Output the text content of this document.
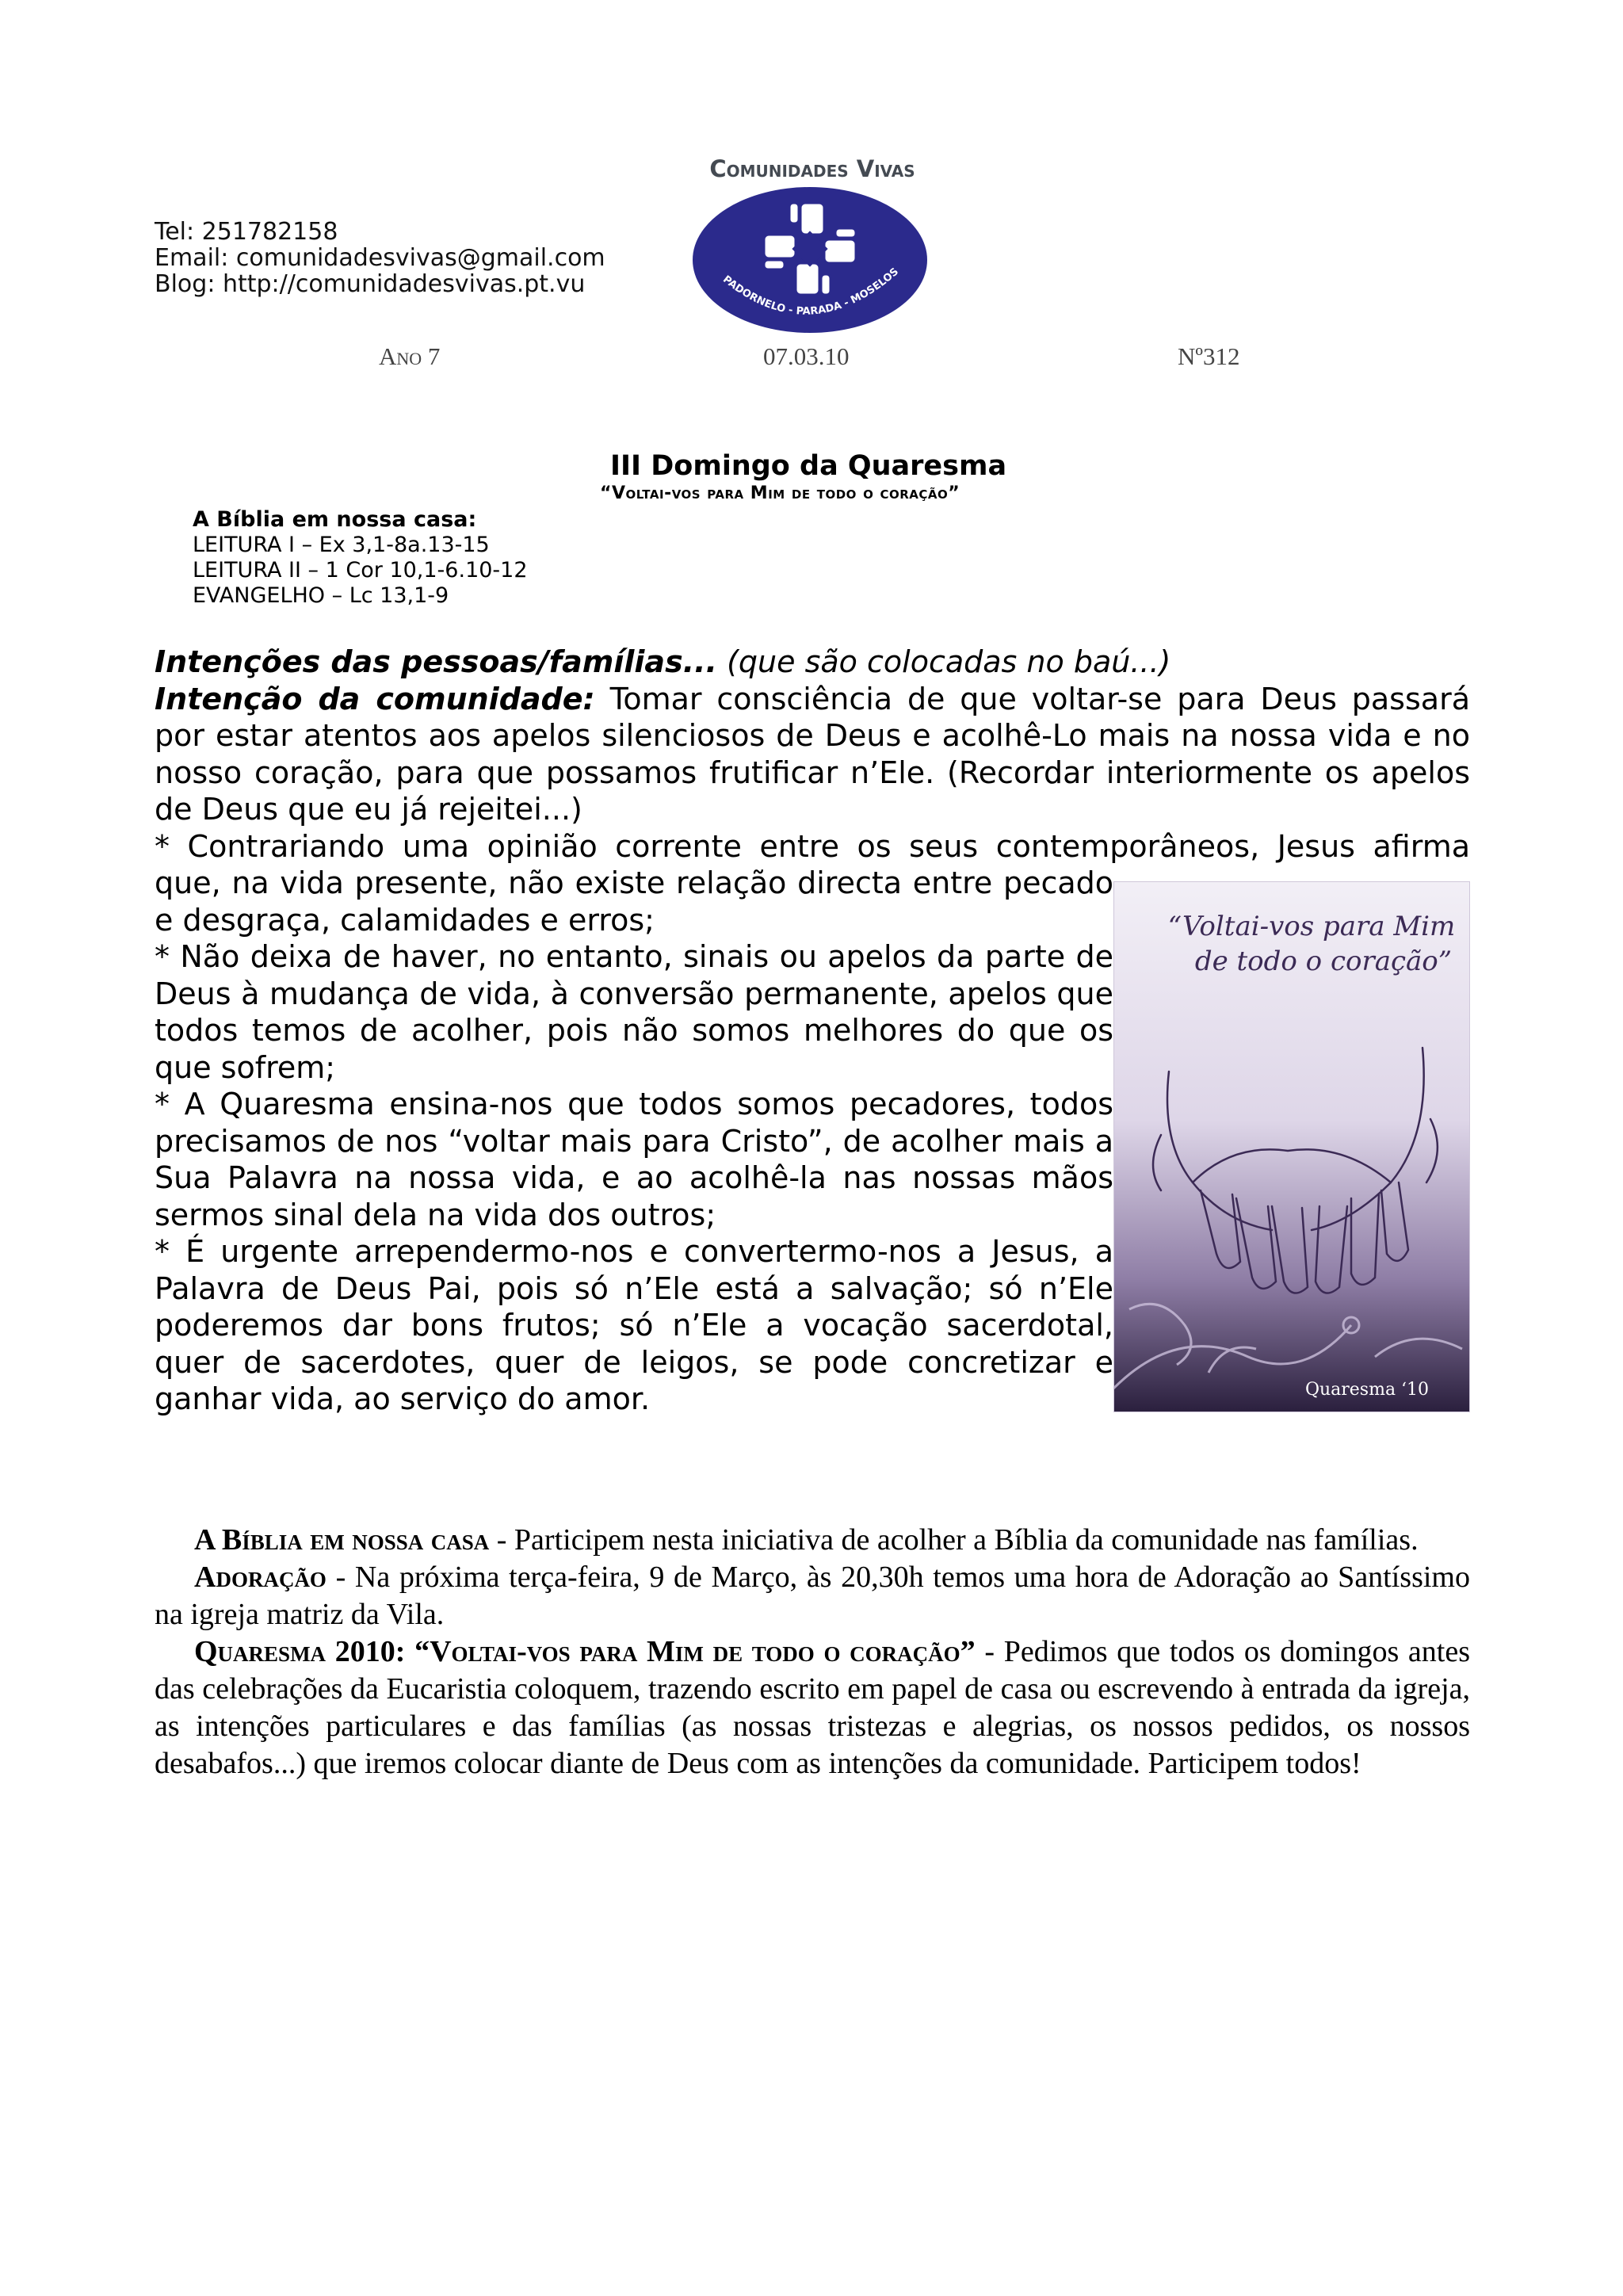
Comunidades Vivas
Tel: 251782158
Email: comunidadesvivas@gmail.com
Blog: http://comunidadesvivas.pt.vu	PADORNELO - PARADA - MOSELOS
Ano 7	07.03.10	Nº312
III Domingo da Quaresma
“Voltai-vos para Mim de todo o coração”
A Bíblia em nossa casa:
LEITURA I – Ex 3,1-8a.13-15
LEITURA II – 1 Cor 10,1-6.10-12
EVANGELHO – Lc 13,1-9

Intenções das pessoas/famílias... (que são colocadas no baú...)

Intenção da comunidade: Tomar consciência de que voltar-se para Deus passará por estar atentos aos apelos silenciosos de Deus e acolhê-Lo mais na nossa vida e no nosso coração, para que possamos frutificar n’Ele. (Recordar interiormente os apelos de Deus que eu já rejeitei...)

* Contrariando uma opinião corrente entre os seus contemporâneos, Jesus afirma

que, na vida presente, não existe relação directa entre pecado e desgraça, calamidades e erros;

* Não deixa de haver, no entanto, sinais ou apelos da parte de Deus à mudança de vida, à conversão permanente, apelos que todos temos de acolher, pois não somos melhores do que os que sofrem;

* A Quaresma ensina-nos que todos somos pecadores, todos precisamos de nos “voltar mais para Cristo”, de acolher mais a Sua Palavra na nossa vida, e ao acolhê-la nas nossas mãos sermos sinal dela na vida dos outros;

* É urgente arrependermo-nos e convertermo-nos a Jesus, a Palavra de Deus Pai, pois só n’Ele está a salvação; só n’Ele poderemos dar bons frutos; só n’Ele a vocação sacerdotal, quer de sacerdotes, quer de leigos, se pode concretizar e ganhar vida, ao serviço do amor.

“Voltai-vos para Mim
de todo o coração”
Quaresma ‘10

A Bíblia em nossa casa - Participem nesta iniciativa de acolher a Bíblia da comunidade nas famílias.

Adoração - Na próxima terça-feira, 9 de Março, às 20,30h temos uma hora de Adoração ao Santíssimo na igreja matriz da Vila.

Quaresma 2010: “Voltai-vos para Mim de todo o coração” - Pedimos que todos os domingos antes das celebrações da Eucaristia coloquem, trazendo escrito em papel de casa ou escrevendo à entrada da igreja, as intenções particulares e das famílias (as nossas tristezas e alegrias, os nossos pedidos, os nossos desabafos...) que iremos colocar diante de Deus com as intenções da comunidade. Participem todos!
